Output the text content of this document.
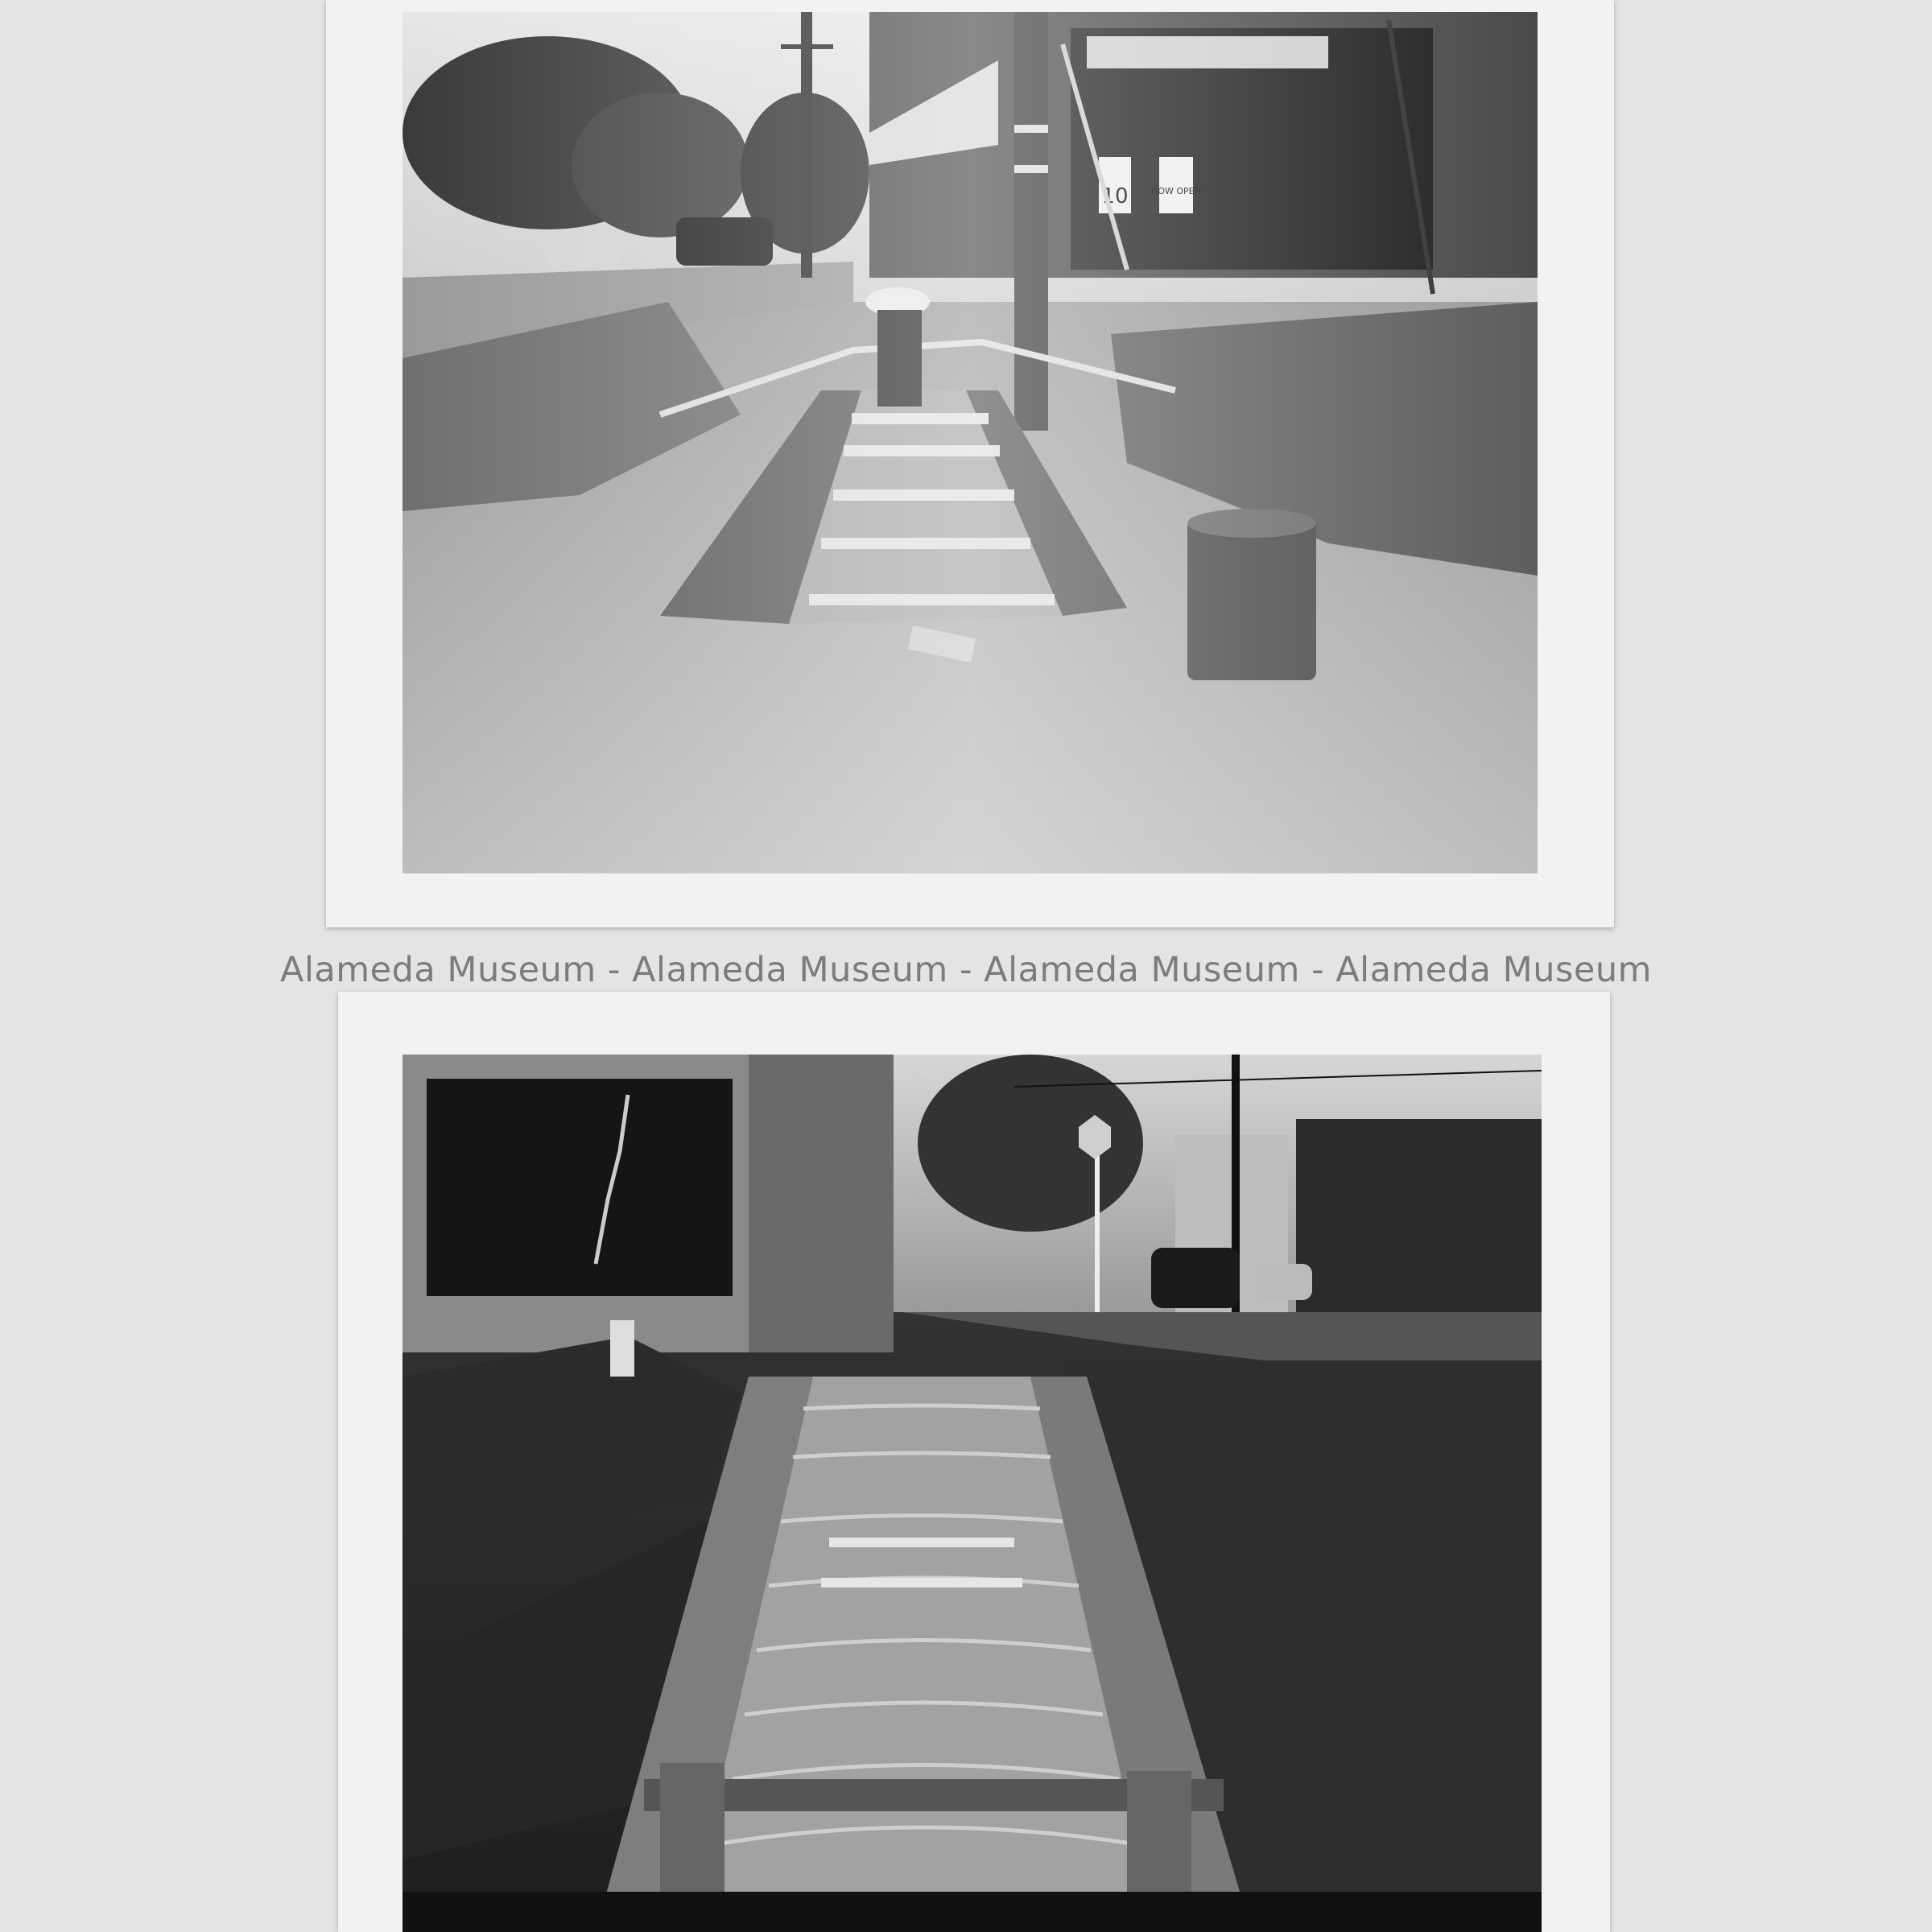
Alameda Museum - Alameda Museum - Alameda Museum - Alameda Museum
